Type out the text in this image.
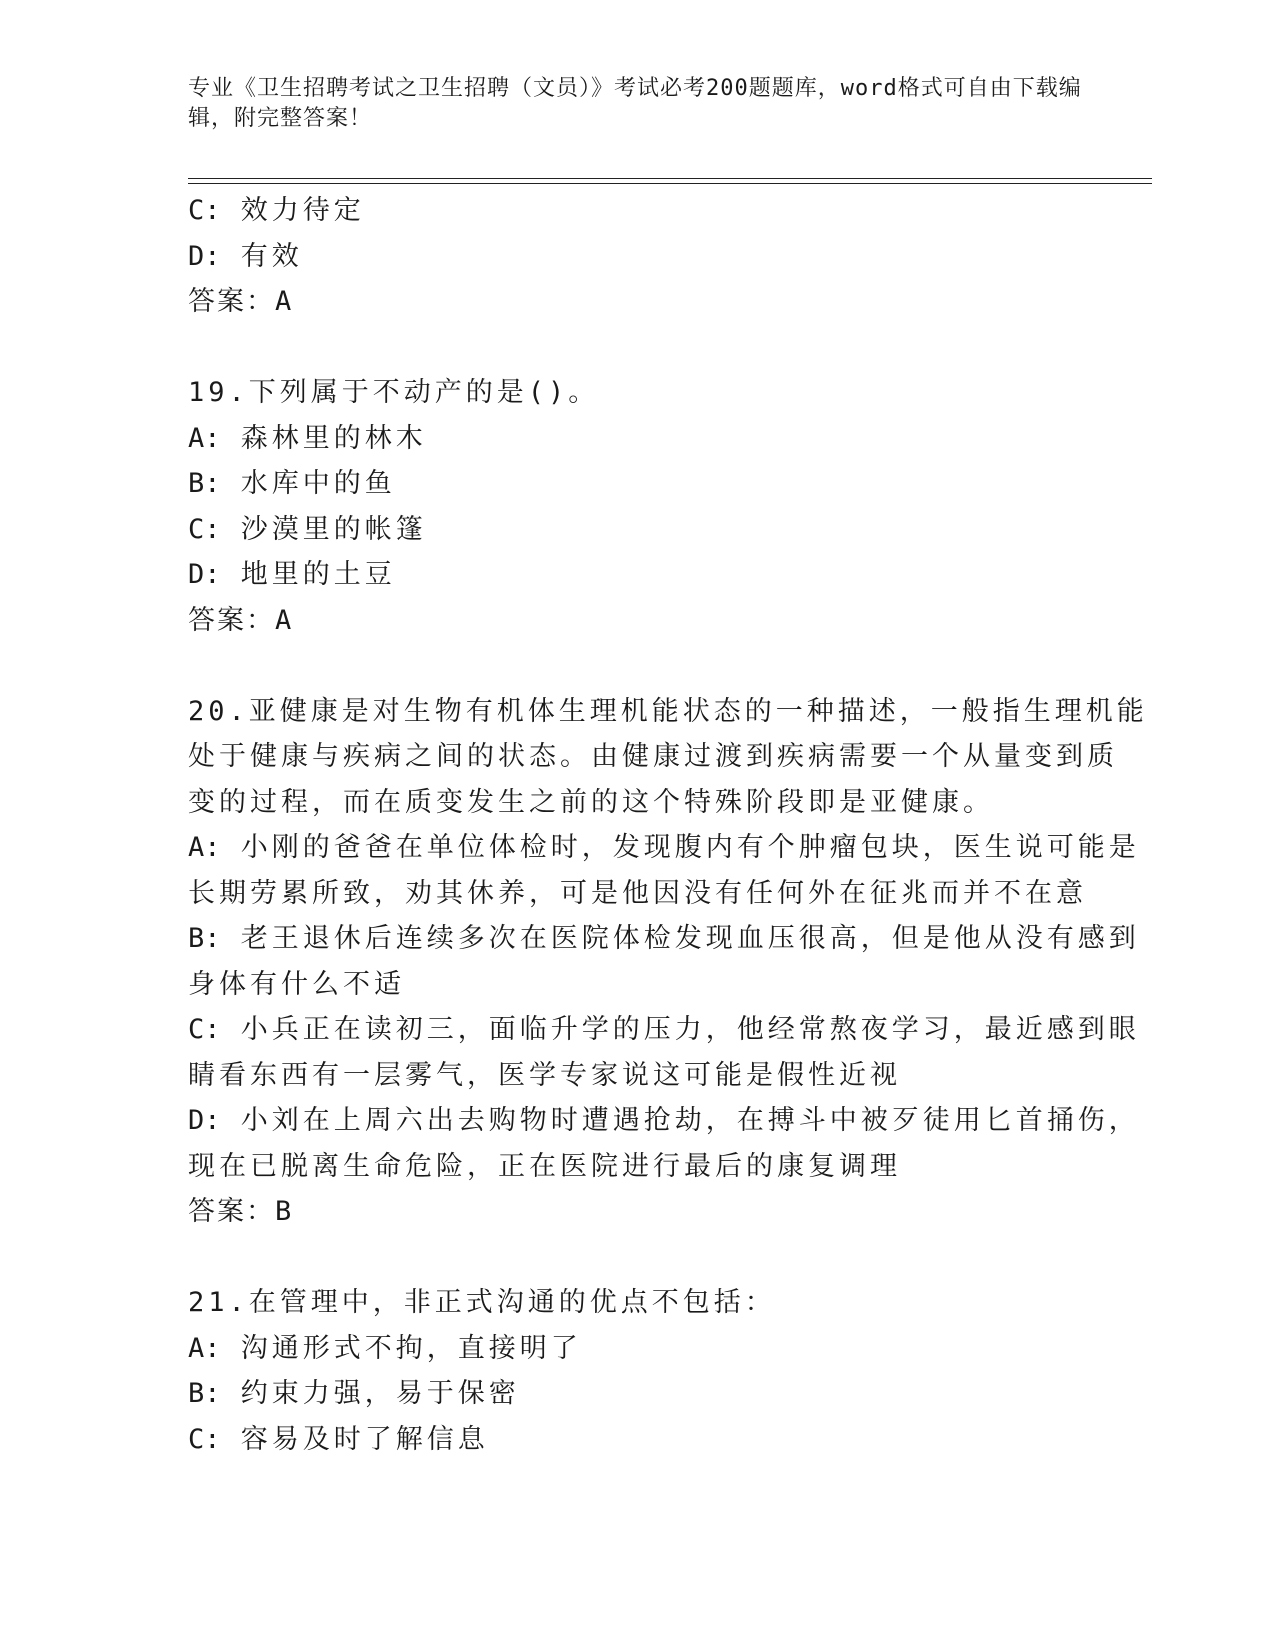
专业《卫生招聘考试之卫生招聘（文员）》考试必考200题题库，word格式可自由下载编辑，附完整答案！
C: 效力待定
D: 有效
答案：A
19.下列属于不动产的是()。
A: 森林里的林木
B: 水库中的鱼
C: 沙漠里的帐篷
D: 地里的土豆
答案：A
20.亚健康是对生物有机体生理机能状态的一种描述，一般指生理机能
处于健康与疾病之间的状态。由健康过渡到疾病需要一个从量变到质
变的过程，而在质变发生之前的这个特殊阶段即是亚健康。
A: 小刚的爸爸在单位体检时，发现腹内有个肿瘤包块，医生说可能是
长期劳累所致，劝其休养，可是他因没有任何外在征兆而并不在意
B: 老王退休后连续多次在医院体检发现血压很高，但是他从没有感到
身体有什么不适
C: 小兵正在读初三，面临升学的压力，他经常熬夜学习，最近感到眼
睛看东西有一层雾气，医学专家说这可能是假性近视
D: 小刘在上周六出去购物时遭遇抢劫，在搏斗中被歹徒用匕首捅伤，
现在已脱离生命危险，正在医院进行最后的康复调理
答案：B
21.在管理中，非正式沟通的优点不包括：
A: 沟通形式不拘，直接明了
B: 约束力强，易于保密
C: 容易及时了解信息
